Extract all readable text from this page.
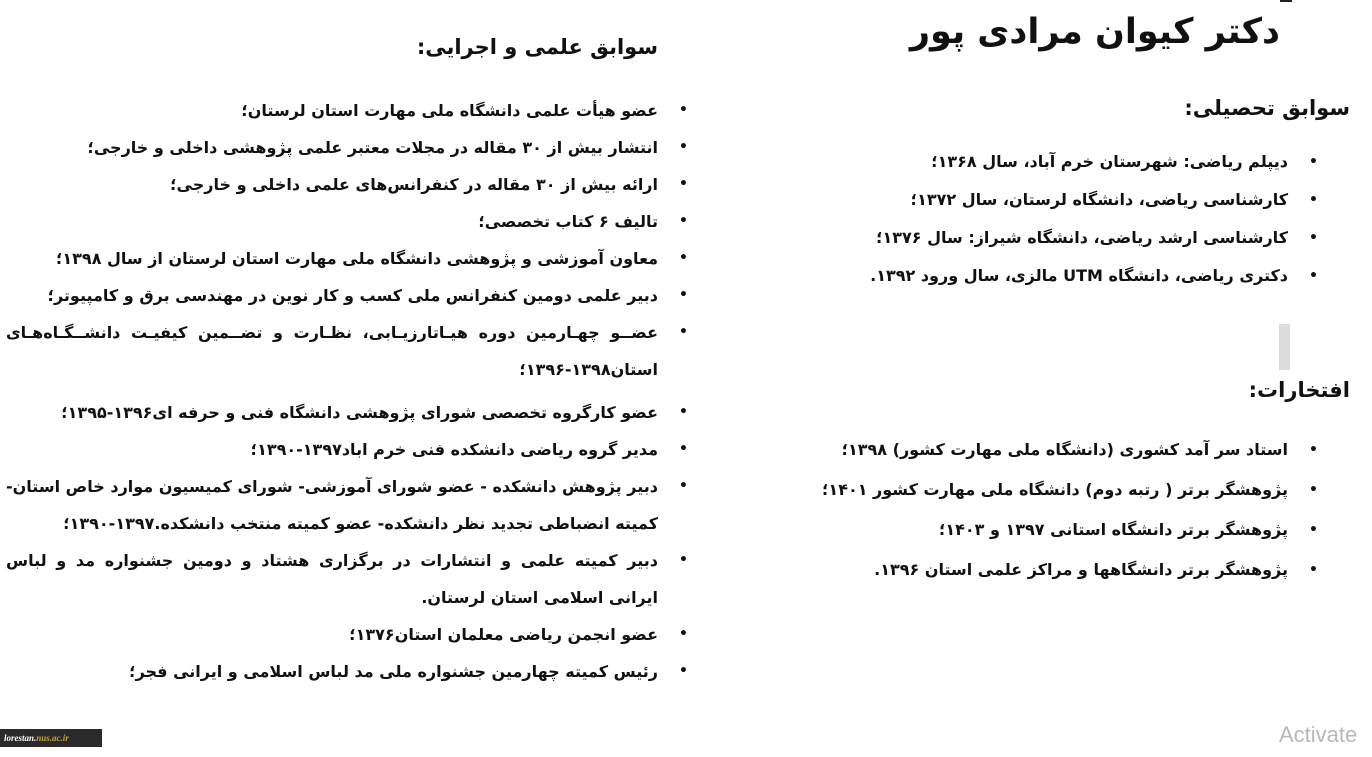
دکتر کیوان مرادی پور
سوابق تحصیلی:
•
دیپلم ریاضی: شهرستان خرم آباد، سال ۱۳۶۸؛
•
کارشناسی ریاضی، دانشگاه لرستان، سال ۱۳۷۲؛
•
کارشناسی ارشد ریاضی، دانشگاه شیراز: سال ۱۳۷۶؛
•
دکتری ریاضی، دانشگاه UTM مالزی، سال ورود ۱۳۹۲.
افتخارات:
•
استاد سر آمد کشوری (دانشگاه ملی مهارت کشور) ۱۳۹۸؛
•
پژوهشگر برتر ( رتبه دوم) دانشگاه ملی مهارت کشور ۱۴۰۱؛
•
پژوهشگر برتر دانشگاه استانی ۱۳۹۷ و ۱۴۰۳؛
•
پژوهشگر برتر دانشگاهها و مراکز علمی استان ۱۳۹۶.
سوابق علمی و اجرایی:
•
عضو هیأت علمی دانشگاه ملی مهارت استان لرستان؛
•
انتشار بیش از ۳۰ مقاله در مجلات معتبر علمی پژوهشی داخلی و خارجی؛
•
ارائه بیش از ۳۰ مقاله در کنفرانس‌های علمی داخلی و خارجی؛
•
تالیف ۶ کتاب تخصصی؛
•
معاون آموزشی و پژوهشی دانشگاه ملی مهارت استان لرستان از سال ۱۳۹۸؛
•
دبیر علمی دومین کنفرانس ملی کسب و کار نوین در مهندسی برق و کامپیوتر؛
•
عضــو چهـارمین دوره هیـاتارزیـابی، نظـارت و تضــمین کیفیـت دانشــگـاه‌هـای استان۱۳۹۸-۱۳۹۶؛
•
عضو کارگروه تخصصی شورای پژوهشی دانشگاه فنی و حرفه ای۱۳۹۶-۱۳۹۵؛
•
مدیر گروه ریاضی دانشکده فنی خرم اباد۱۳۹۷-۱۳۹۰؛
•
دبیر پژوهش دانشکده - عضو شورای آموزشی- شورای کمیسیون موارد خاص استان- کمیته انضباطی تجدید نظر دانشکده- عضو کمیته منتخب دانشکده.۱۳۹۷-۱۳۹۰؛
•
دبیر کمیته علمی و انتشارات در برگزاری هشتاد و دومین جشنواره مد و لباس ایرانی اسلامی استان لرستان.
•
عضو انجمن ریاضی معلمان استان۱۳۷۶؛
•
رئیس کمیته چهارمین جشنواره ملی مد لباس اسلامی و ایرانی فجر؛
lorestan.nus.ac.ir	Activate
